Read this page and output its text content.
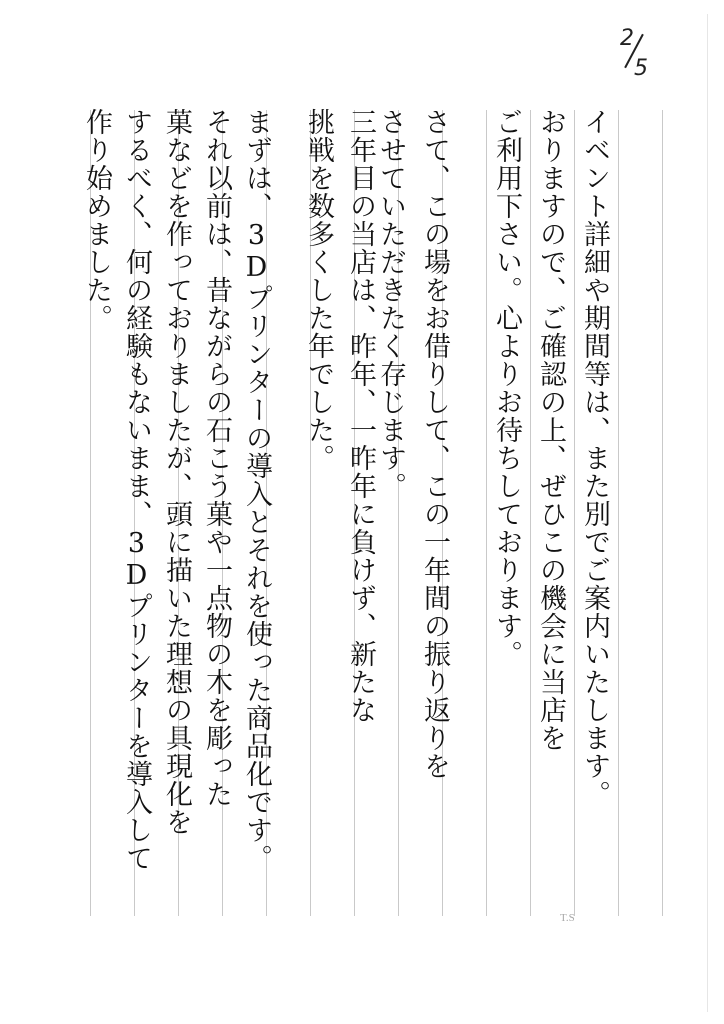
2
5
イベント詳細や期間等は、また別でご案内いたします。
おりますので、ご確認の上、ぜひこの機会に当店を
ご利用下さい。心よりお待ちしております。
さて、この場をお借りして、この一年間の振り返りを
させていただきたく存じます。
三年目の当店は、昨年、一昨年に負けず、新たな
挑戦を数多くした年でした。
まずは、3Dプリンターの導入とそれを使った商品化です。
それ以前は、昔ながらの石こう菓や一点物の木を彫った
菓などを作っておりましたが、頭に描いた理想の具現化を
するべく、何の経験もないまま、3Dプリンターを導入して
作り始めました。
T.S
